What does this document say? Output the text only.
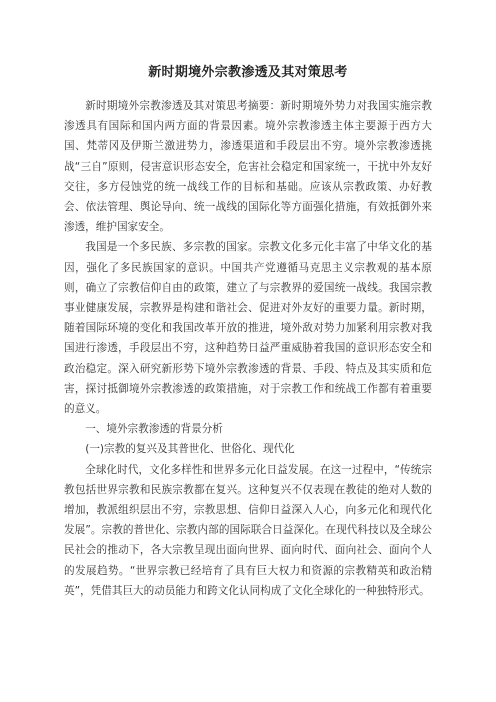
新时期境外宗教渗透及其对策思考

新时期境外宗教渗透及其对策思考摘要：新时期境外势力对我国实施宗教渗透具有国际和国内两方面的背景因素。境外宗教渗透主体主要源于西方大国、梵蒂冈及伊斯兰激进势力，渗透渠道和手段层出不穷。境外宗教渗透挑战“三自”原则，侵害意识形态安全，危害社会稳定和国家统一，干扰中外友好交往，多方侵蚀党的统一战线工作的目标和基础。应该从宗教政策、办好教会、依法管理、舆论导向、统一战线的国际化等方面强化措施，有效抵御外来渗透，维护国家安全。

我国是一个多民族、多宗教的国家。宗教文化多元化丰富了中华文化的基因，强化了多民族国家的意识。中国共产党遵循马克思主义宗教观的基本原则，确立了宗教信仰自由的政策，建立了与宗教界的爱国统一战线。我国宗教事业健康发展，宗教界是构建和谐社会、促进对外友好的重要力量。新时期，随着国际环境的变化和我国改革开放的推进，境外敌对势力加紧利用宗教对我国进行渗透，手段层出不穷，这种趋势日益严重威胁着我国的意识形态安全和政治稳定。深入研究新形势下境外宗教渗透的背景、手段、特点及其实质和危害，探讨抵御境外宗教渗透的政策措施，对于宗教工作和统战工作都有着重要的意义。

一、境外宗教渗透的背景分析

(一)宗教的复兴及其普世化、世俗化、现代化

全球化时代，文化多样性和世界多元化日益发展。在这一过程中，“传统宗教包括世界宗教和民族宗教都在复兴。这种复兴不仅表现在教徒的绝对人数的增加，教派组织层出不穷，宗教思想、信仰日益深入人心，向多元化和现代化发展”。宗教的普世化、宗教内部的国际联合日益深化。在现代科技以及全球公民社会的推动下，各大宗教呈现出面向世界、面向时代、面向社会、面向个人的发展趋势。“世界宗教已经培育了具有巨大权力和资源的宗教精英和政治精英”，凭借其巨大的动员能力和跨文化认同构成了文化全球化的一种独特形式。
